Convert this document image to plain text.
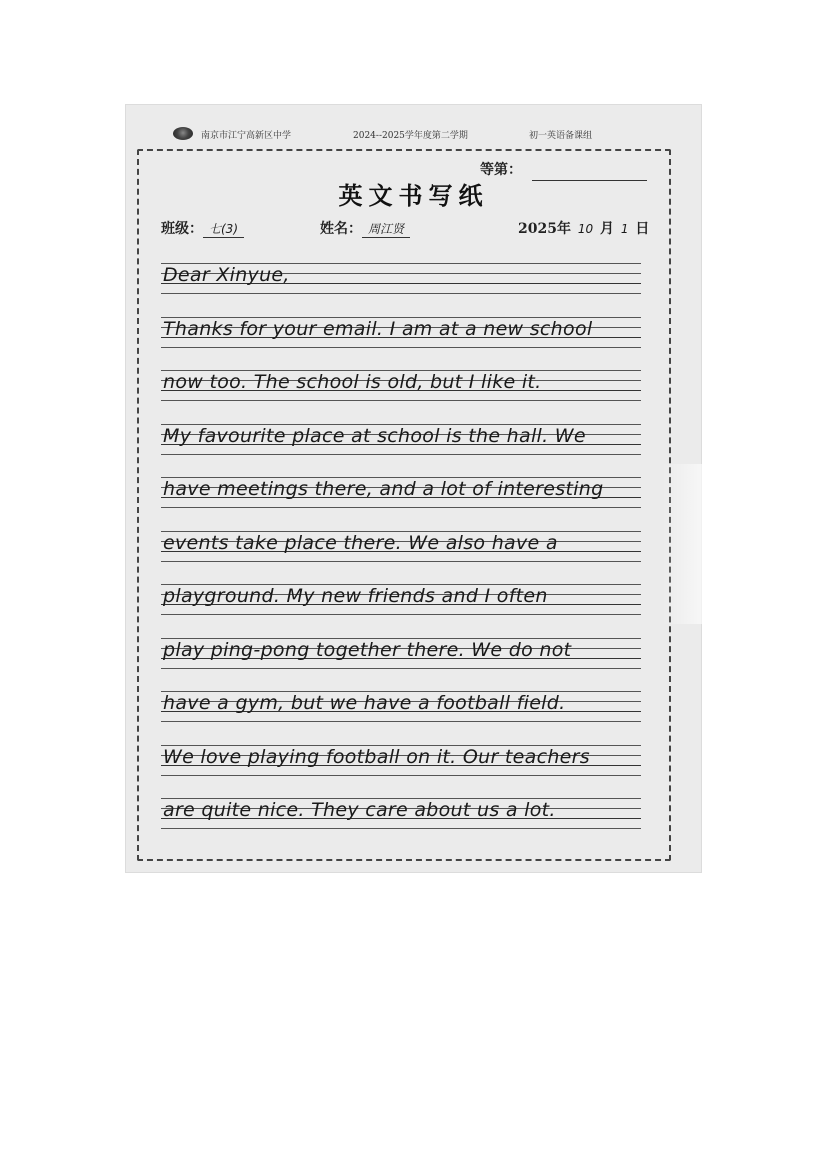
南京市江宁高新区中学	2024--2025学年度第二学期	初一英语备课组
等第：
英文书写纸
班级： 七(3)	姓名： 周江贤	2025年 10 月 1 日
Dear Xinyue,
Thanks for your email. I am at a new school
now too. The school is old, but I like it.
My favourite place at school is the hall. We
have meetings there, and a lot of interesting
events take place there. We also have a
playground. My new friends and I often
play ping-pong together there. We do not
have a gym, but we have a football field.
We love playing football on it. Our teachers
are quite nice. They care about us a lot.
